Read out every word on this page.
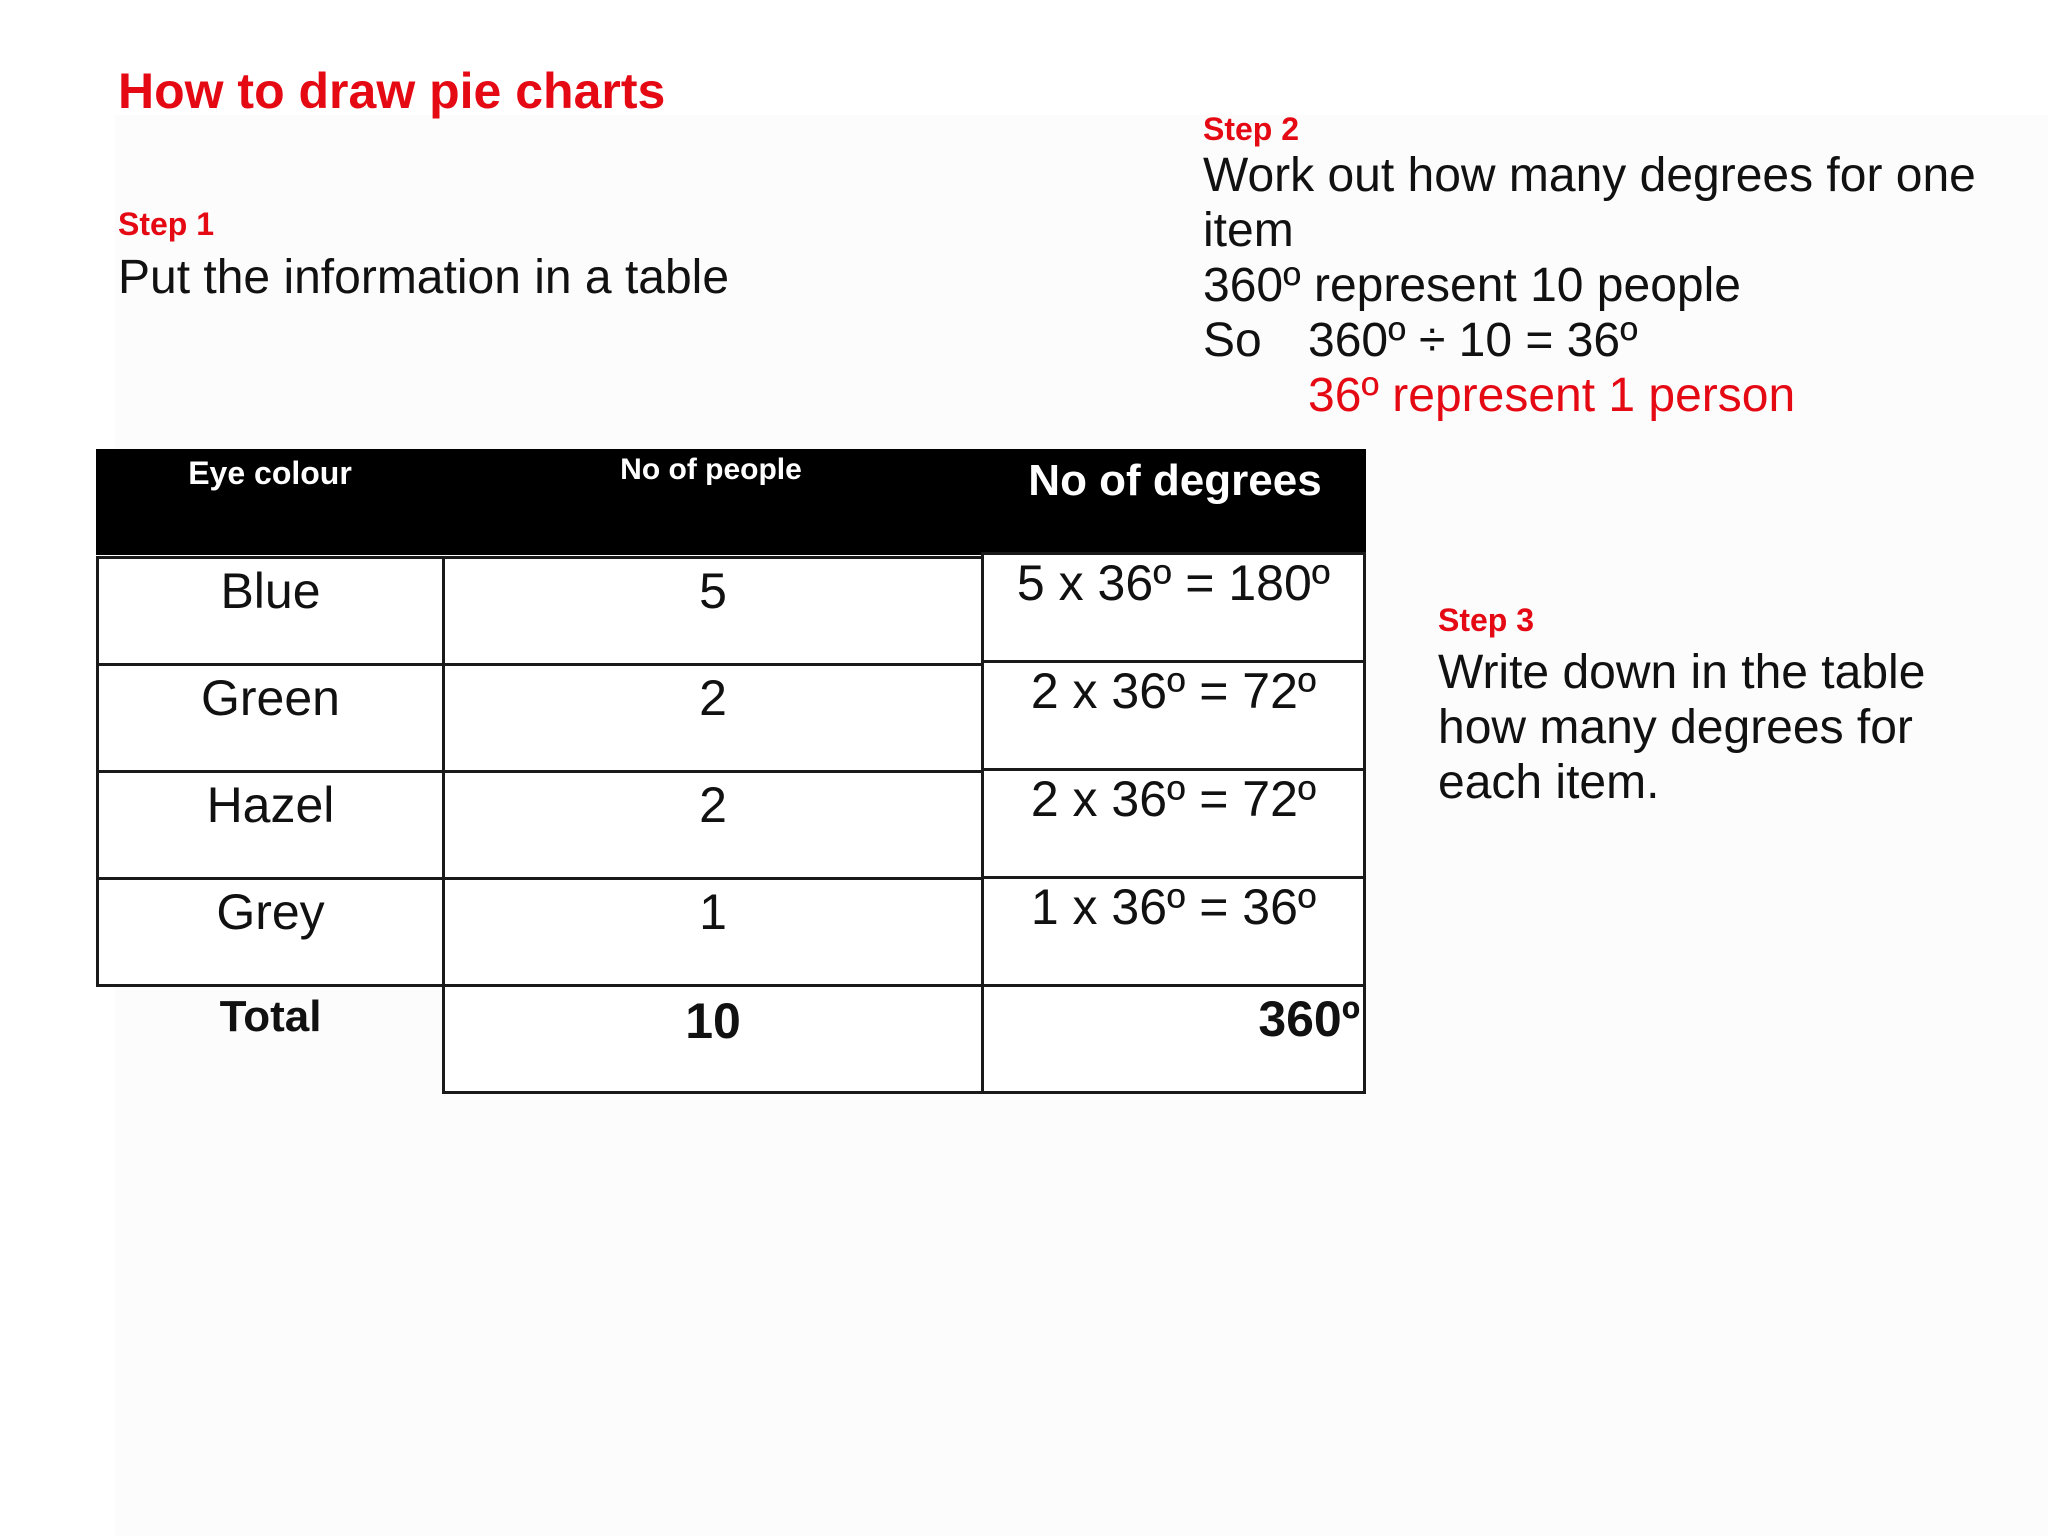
How to draw pie charts
Step 1
Put the information in a table
Step 2
Work out how many degrees for one
item
360º represent 10 people
So 360º ÷ 10 = 36º
36º represent 1 person
Step 3
Write down in the table how many degrees for each item.
Eye colour	No of people	No of degrees
Blue	5	5 x 36º = 180º
Green	2	2 x 36º = 72º
Hazel	2	2 x 36º = 72º
Grey	1	1 x 36º = 36º
Total	10	360º
